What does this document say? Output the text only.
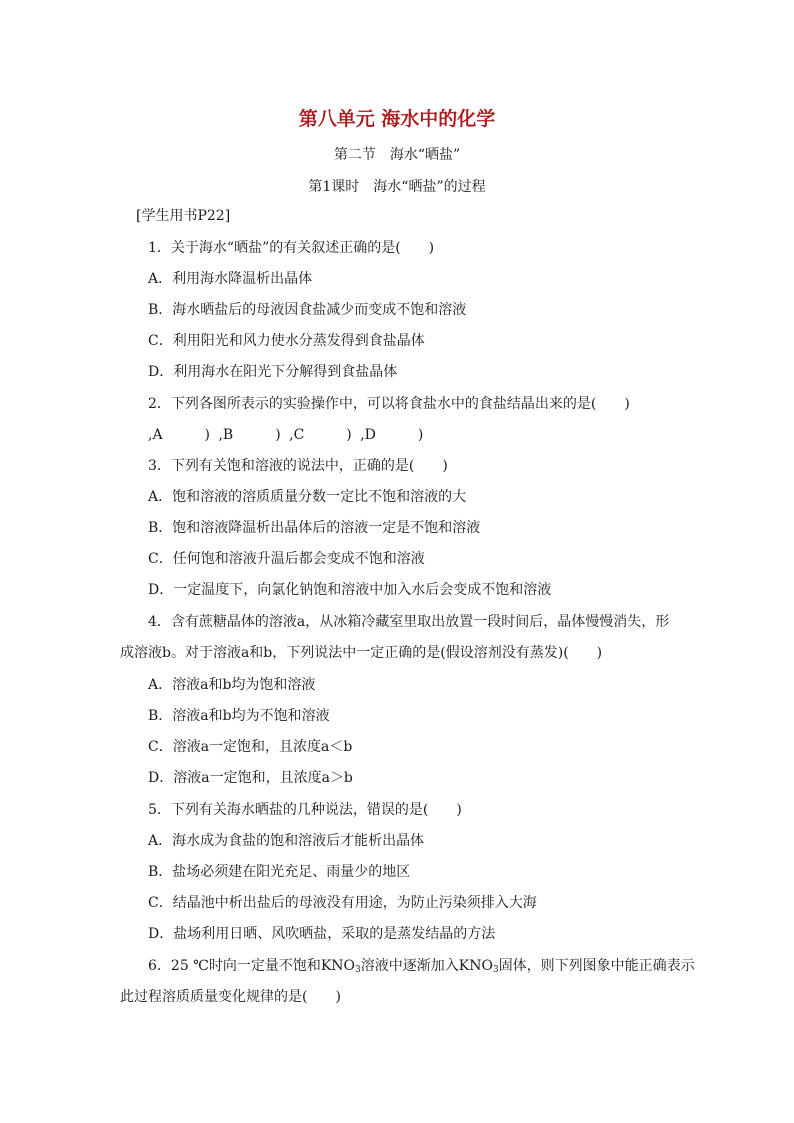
第八单元 海水中的化学
第二节　海水“晒盐”
第1课时　海水“晒盐”的过程
[学生用书P22]
1．关于海水“晒盐”的有关叙述正确的是(　　)
A．利用海水降温析出晶体
B．海水晒盐后的母液因食盐减少而变成不饱和溶液
C．利用阳光和风力使水分蒸发得到食盐晶体
D．利用海水在阳光下分解得到食盐晶体
2．下列各图所表示的实验操作中，可以将食盐水中的食盐结晶出来的是(　　)
,A　　　) ,B　　　) ,C　　　) ,D　　　)
3．下列有关饱和溶液的说法中，正确的是(　　)
A．饱和溶液的溶质质量分数一定比不饱和溶液的大
B．饱和溶液降温析出晶体后的溶液一定是不饱和溶液
C．任何饱和溶液升温后都会变成不饱和溶液
D．一定温度下，向氯化钠饱和溶液中加入水后会变成不饱和溶液
4．含有蔗糖晶体的溶液a，从冰箱冷藏室里取出放置一段时间后，晶体慢慢消失，形
成溶液b。对于溶液a和b，下列说法中一定正确的是(假设溶剂没有蒸发)(　　)
A．溶液a和b均为饱和溶液
B．溶液a和b均为不饱和溶液
C．溶液a一定饱和，且浓度a＜b
D．溶液a一定饱和，且浓度a＞b
5．下列有关海水晒盐的几种说法，错误的是(　　)
A．海水成为食盐的饱和溶液后才能析出晶体
B．盐场必须建在阳光充足、雨量少的地区
C．结晶池中析出盐后的母液没有用途，为防止污染须排入大海
D．盐场利用日晒、风吹晒盐，采取的是蒸发结晶的方法
6．25 ℃时向一定量不饱和$KNO_3$溶液中逐渐加入$KNO_3$固体，则下列图象中能正确表示
此过程溶质质量变化规律的是(　　)
